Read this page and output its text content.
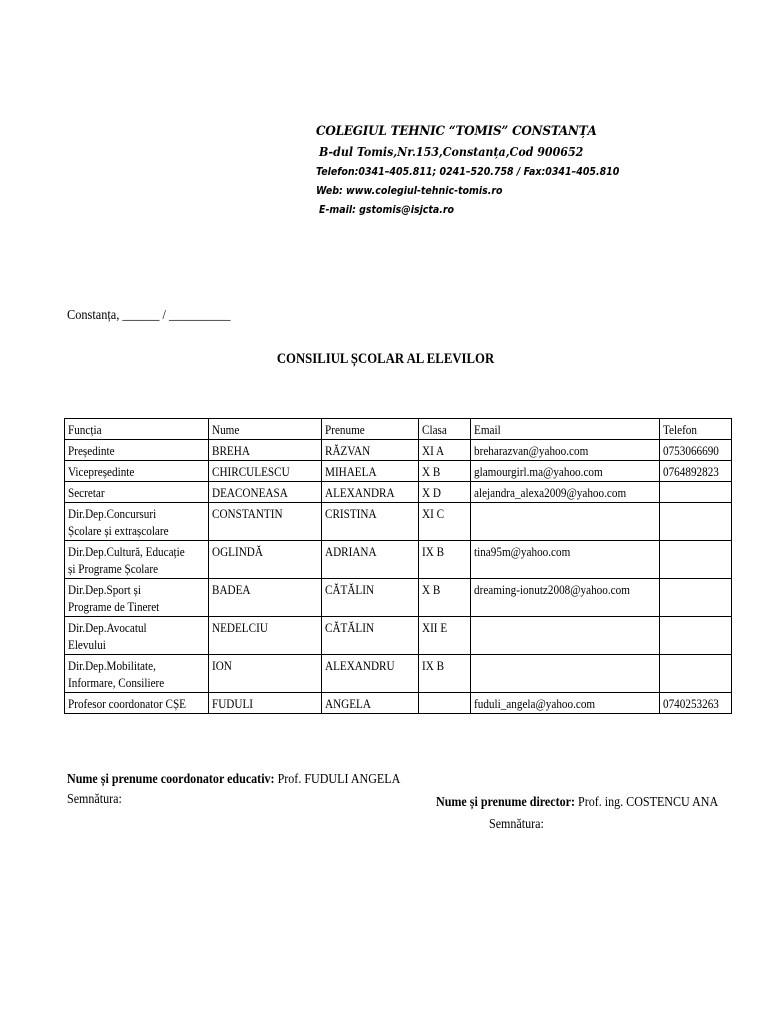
COLEGIUL TEHNIC “TOMIS” CONSTANȚA
B-dul Tomis,Nr.153,Constanța,Cod 900652
Telefon:0341–405.811; 0241–520.758 / Fax:0341–405.810
Web: www.colegiul-tehnic-tomis.ro
E-mail: gstomis@isjcta.ro
Constanța, ______ / __________
CONSILIUL ȘCOLAR AL ELEVILOR
Funcția	Nume	Prenume	Clasa	Email	Telefon

Președinte	BREHA	RĂZVAN	XI A	breharazvan@yahoo.com	0753066690

Vicepreședinte	CHIRCULESCU	MIHAELA	X B	glamourgirl.ma@yahoo.com	0764892823

Secretar	DEACONEASA	ALEXANDRA	X D	alejandra_alexa2009@yahoo.com	

Dir.Dep.Concursuri
Școlare și extrașcolare	CONSTANTIN	CRISTINA	XI C		

Dir.Dep.Cultură, Educație
și Programe Școlare	OGLINDĂ	ADRIANA	IX B	tina95m@yahoo.com	

Dir.Dep.Sport și
Programe de Tineret	BADEA	CĂTĂLIN	X B	dreaming-ionutz2008@yahoo.com	

Dir.Dep.Avocatul
Elevului	NEDELCIU	CĂTĂLIN	XII E		

Dir.Dep.Mobilitate,
Informare, Consiliere	ION	ALEXANDRU	IX B		

Profesor coordonator CȘE	FUDULI	ANGELA		fuduli_angela@yahoo.com	0740253263
Nume și prenume coordonator educativ: Prof. FUDULI ANGELA
Semnătura:	Nume și prenume director: Prof. ing. COSTENCU ANA
Semnătura:
